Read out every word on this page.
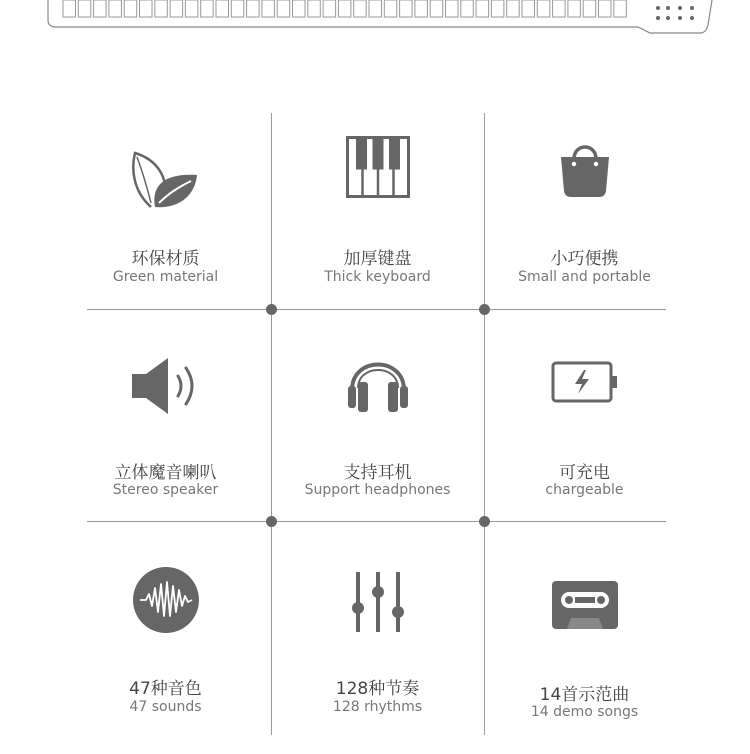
环保材质
Green material
加厚键盘
Thick keyboard
小巧便携
Small and portable
立体魔音喇叭
Stereo speaker
支持耳机
Support headphones
可充电
chargeable
47种音色
47 sounds
128种节奏
128 rhythms
14首示范曲
14 demo songs
